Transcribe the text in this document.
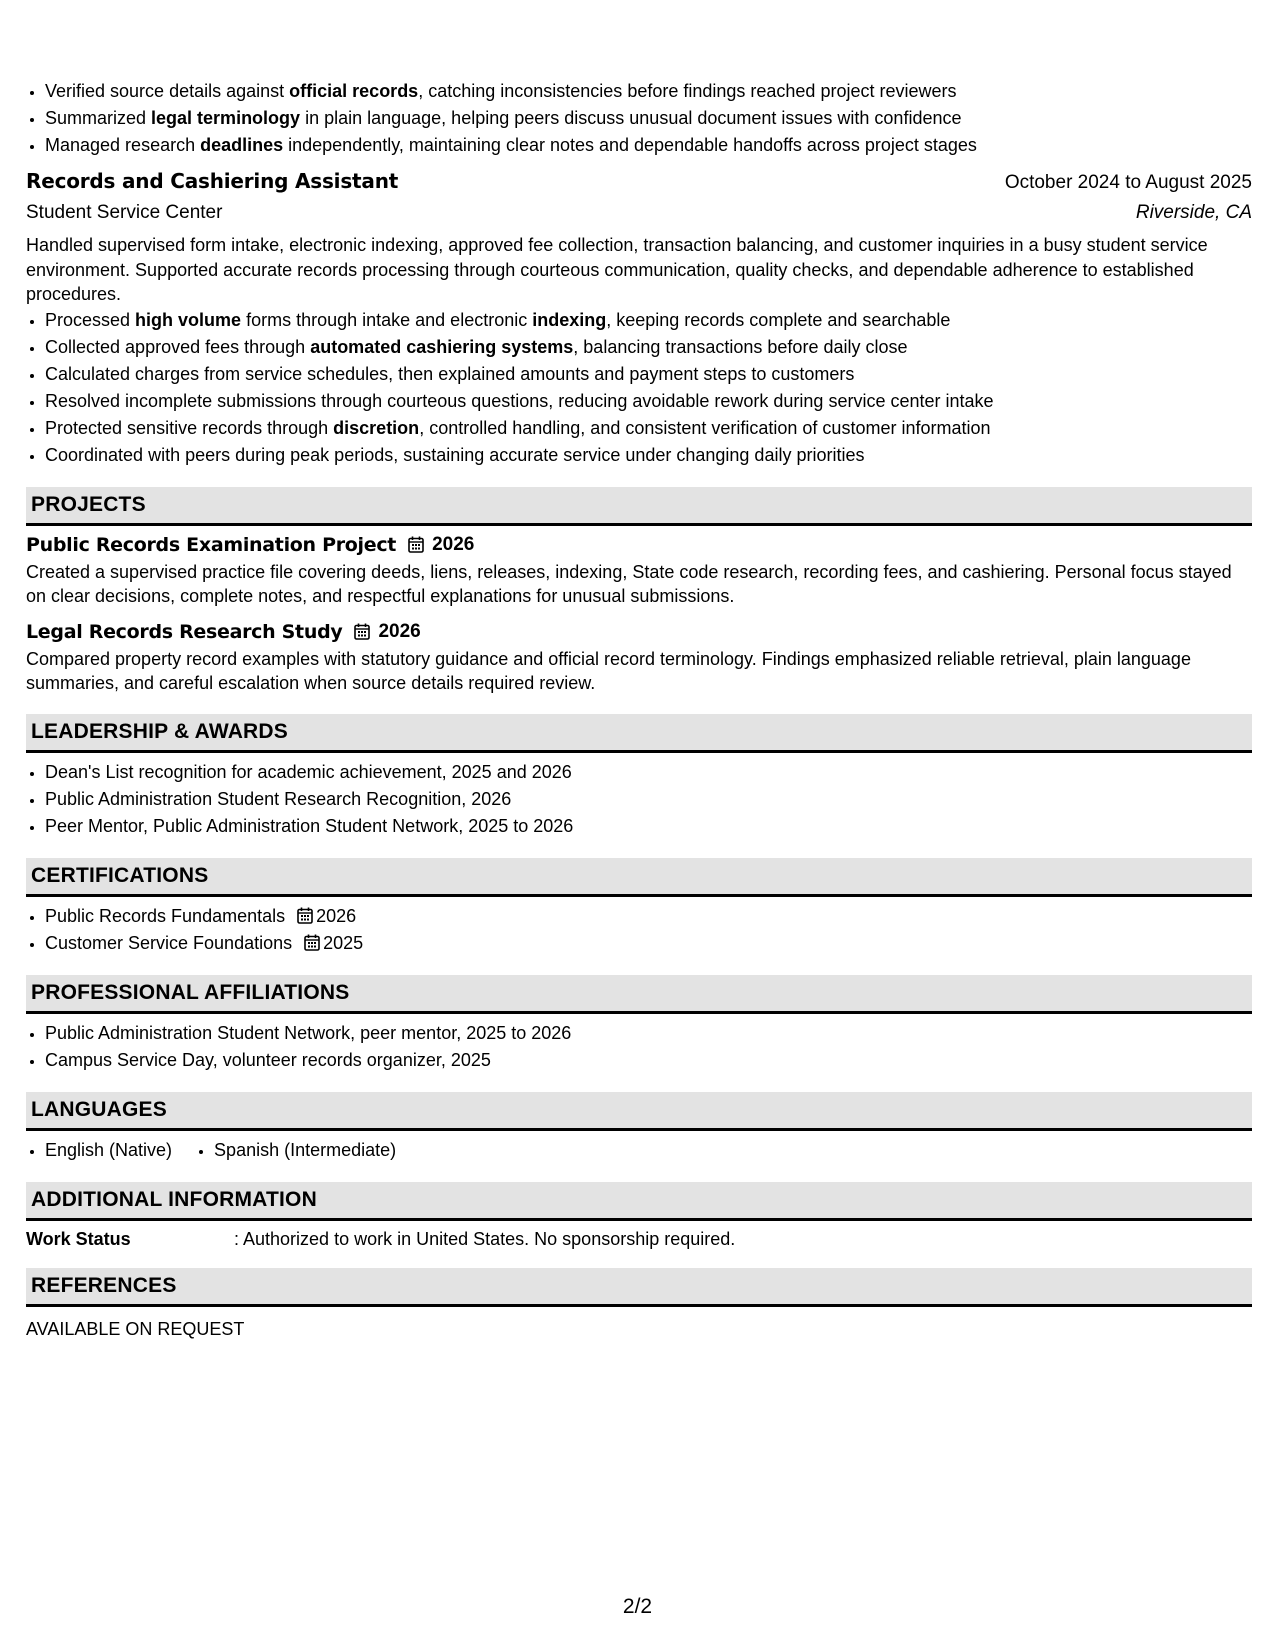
• Verified source details against official records, catching inconsistencies before findings reached project reviewers
• Summarized legal terminology in plain language, helping peers discuss unusual document issues with confidence
• Managed research deadlines independently, maintaining clear notes and dependable handoffs across project stages
Records and Cashiering Assistant	October 2024 to August 2025
Student Service Center	Riverside, CA
Handled supervised form intake, electronic indexing, approved fee collection, transaction balancing, and customer inquiries in a busy student service environment. Supported accurate records processing through courteous communication, quality checks, and dependable adherence to established procedures.
• Processed high volume forms through intake and electronic indexing, keeping records complete and searchable
• Collected approved fees through automated cashiering systems, balancing transactions before daily close
• Calculated charges from service schedules, then explained amounts and payment steps to customers
• Resolved incomplete submissions through courteous questions, reducing avoidable rework during service center intake
• Protected sensitive records through discretion, controlled handling, and consistent verification of customer information
• Coordinated with peers during peak periods, sustaining accurate service under changing daily priorities
PROJECTS
Public Records Examination Project 2026
Created a supervised practice file covering deeds, liens, releases, indexing, State code research, recording fees, and cashiering. Personal focus stayed on clear decisions, complete notes, and respectful explanations for unusual submissions.
Legal Records Research Study 2026
Compared property record examples with statutory guidance and official record terminology. Findings emphasized reliable retrieval, plain language summaries, and careful escalation when source details required review.
LEADERSHIP & AWARDS
• Dean's List recognition for academic achievement, 2025 and 2026
• Public Administration Student Research Recognition, 2026
• Peer Mentor, Public Administration Student Network, 2025 to 2026
CERTIFICATIONS
• Public Records Fundamentals 2026
• Customer Service Foundations 2025
PROFESSIONAL AFFILIATIONS
• Public Administration Student Network, peer mentor, 2025 to 2026
• Campus Service Day, volunteer records organizer, 2025
LANGUAGES
• English (Native)
• Spanish (Intermediate)
ADDITIONAL INFORMATION
Work Status	: Authorized to work in United States. No sponsorship required.
REFERENCES
AVAILABLE ON REQUEST
2/2
